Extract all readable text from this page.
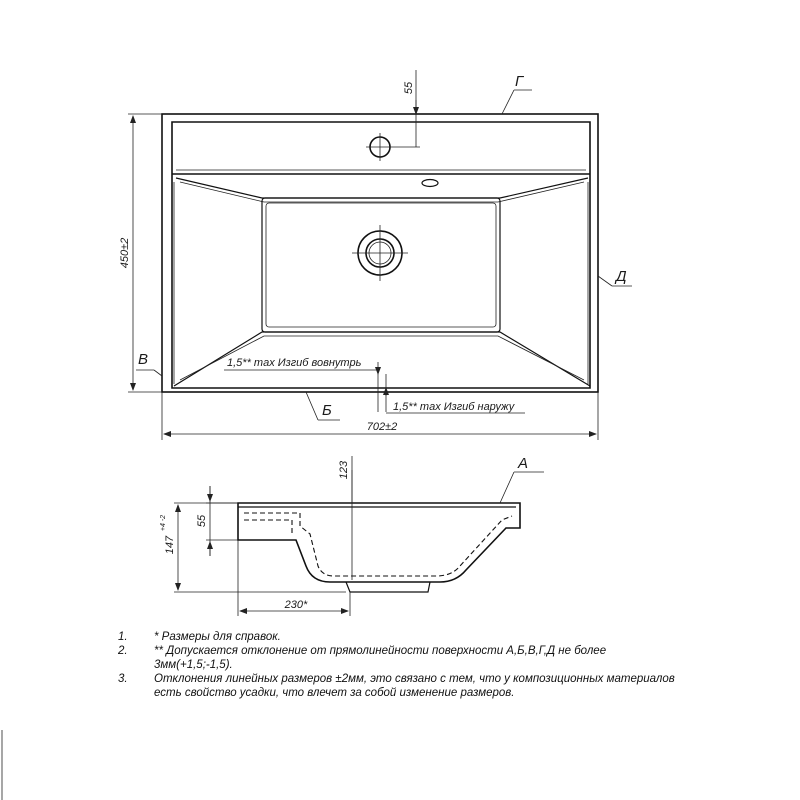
55
450±2
702±2
1,5** max Изгиб вовнутрь
1,5** max Изгиб наружу
Г
Д
В
Б
123
55
147
+4 -2
230*
А

1. * Размеры для справок.

2. ** Допускается отклонение от прямолинейности поверхности А,Б,В,Г,Д не более 3мм(+1,5;-1,5).

3. Отклонения линейных размеров ±2мм, это связано с тем, что у композиционных материалов есть свойство усадки, что влечет за собой изменение размеров.
